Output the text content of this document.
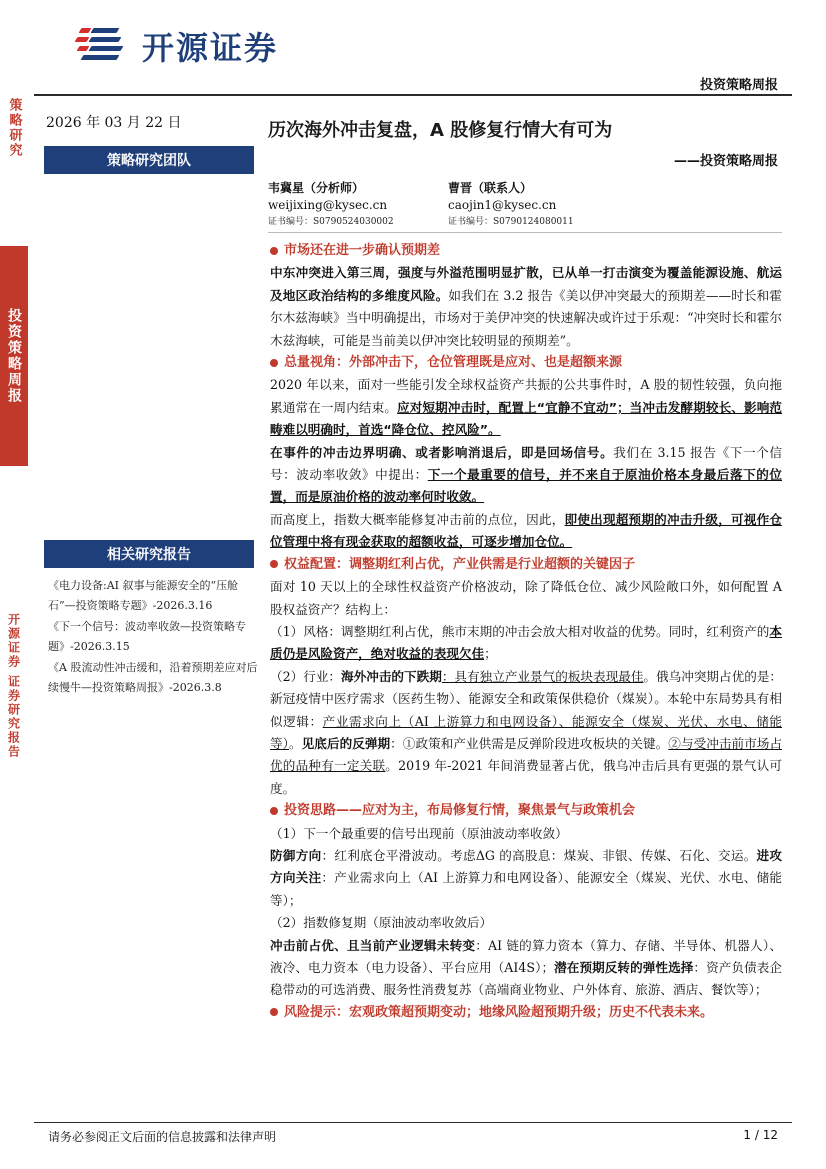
开源证券
投资策略周报
策略研究
投资策略周报
开源证券 证券研究报告
2026 年 03 月 22 日	历次海外冲击复盘，A 股修复行情大有可为
——投资策略周报
策略研究团队
韦冀星（分析师）
weijixing@kysec.cn
证书编号：S0790524030002
曹晋（联系人）
caojin1@kysec.cn
证书编号：S0790124080011
相关研究报告

《电力设备:AI 叙事与能源安全的“压舱石”—投资策略专题》-2026.3.16

《下一个信号：波动率收敛—投资策略专题》-2026.3.15

《A 股流动性冲击缓和，沿着预期差应对后续慢牛—投资策略周报》-2026.3.8

市场还在进一步确认预期差

中东冲突进入第三周，强度与外溢范围明显扩散，已从单一打击演变为覆盖能源设施、航运及地区政治结构的多维度风险。如我们在 3.2 报告《美以伊冲突最大的预期差——时长和霍尔木兹海峡》当中明确提出，市场对于美伊冲突的快速解决或许过于乐观：“冲突时长和霍尔木兹海峡，可能是当前美以伊冲突比较明显的预期差”。

总量视角：外部冲击下，仓位管理既是应对、也是超额来源

2020 年以来，面对一些能引发全球权益资产共振的公共事件时，A 股的韧性较强，负向拖累通常在一周内结束。应对短期冲击时，配置上“宜静不宜动”；当冲击发酵期较长、影响范畴难以明确时，首选“降仓位、控风险”。

在事件的冲击边界明确、或者影响消退后，即是回场信号。我们在 3.15 报告《下一个信号：波动率收敛》中提出：下一个最重要的信号，并不来自于原油价格本身最后落下的位置，而是原油价格的波动率何时收敛。

而高度上，指数大概率能修复冲击前的点位，因此，即使出现超预期的冲击升级，可视作仓位管理中将有现金获取的超额收益，可逐步增加仓位。

权益配置：调整期红利占优，产业供需是行业超额的关键因子

面对 10 天以上的全球性权益资产价格波动，除了降低仓位、减少风险敞口外，如何配置 A 股权益资产？结构上：

（1）风格：调整期红利占优，熊市末期的冲击会放大相对收益的优势。同时，红利资产的本质仍是风险资产，绝对收益的表现欠佳；

（2）行业：海外冲击的下跌期：具有独立产业景气的板块表现最佳。俄乌冲突期占优的是：新冠疫情中医疗需求（医药生物）、能源安全和政策保供稳价（煤炭）。本轮中东局势具有相似逻辑：产业需求向上（AI 上游算力和电网设备）、能源安全（煤炭、光伏、水电、储能等）。见底后的反弹期：①政策和产业供需是反弹阶段进攻板块的关键。②与受冲击前市场占优的品种有一定关联。2019 年-2021 年间消费显著占优，俄乌冲击后具有更强的景气认可度。

投资思路——应对为主，布局修复行情，聚焦景气与政策机会

（1）下一个最重要的信号出现前（原油波动率收敛）

防御方向：红利底仓平滑波动。考虑ΔG 的高股息：煤炭、非银、传媒、石化、交运。进攻方向关注：产业需求向上（AI 上游算力和电网设备）、能源安全（煤炭、光伏、水电、储能等）；

（2）指数修复期（原油波动率收敛后）

冲击前占优、且当前产业逻辑未转变：AI 链的算力资本（算力、存储、半导体、机器人）、液冷、电力资本（电力设备）、平台应用（AI4S）；潜在预期反转的弹性选择：资产负债表企稳带动的可选消费、服务性消费复苏（高端商业物业、户外体育、旅游、酒店、餐饮等）；

风险提示：宏观政策超预期变动；地缘风险超预期升级；历史不代表未来。

请务必参阅正文后面的信息披露和法律声明	1 / 12
